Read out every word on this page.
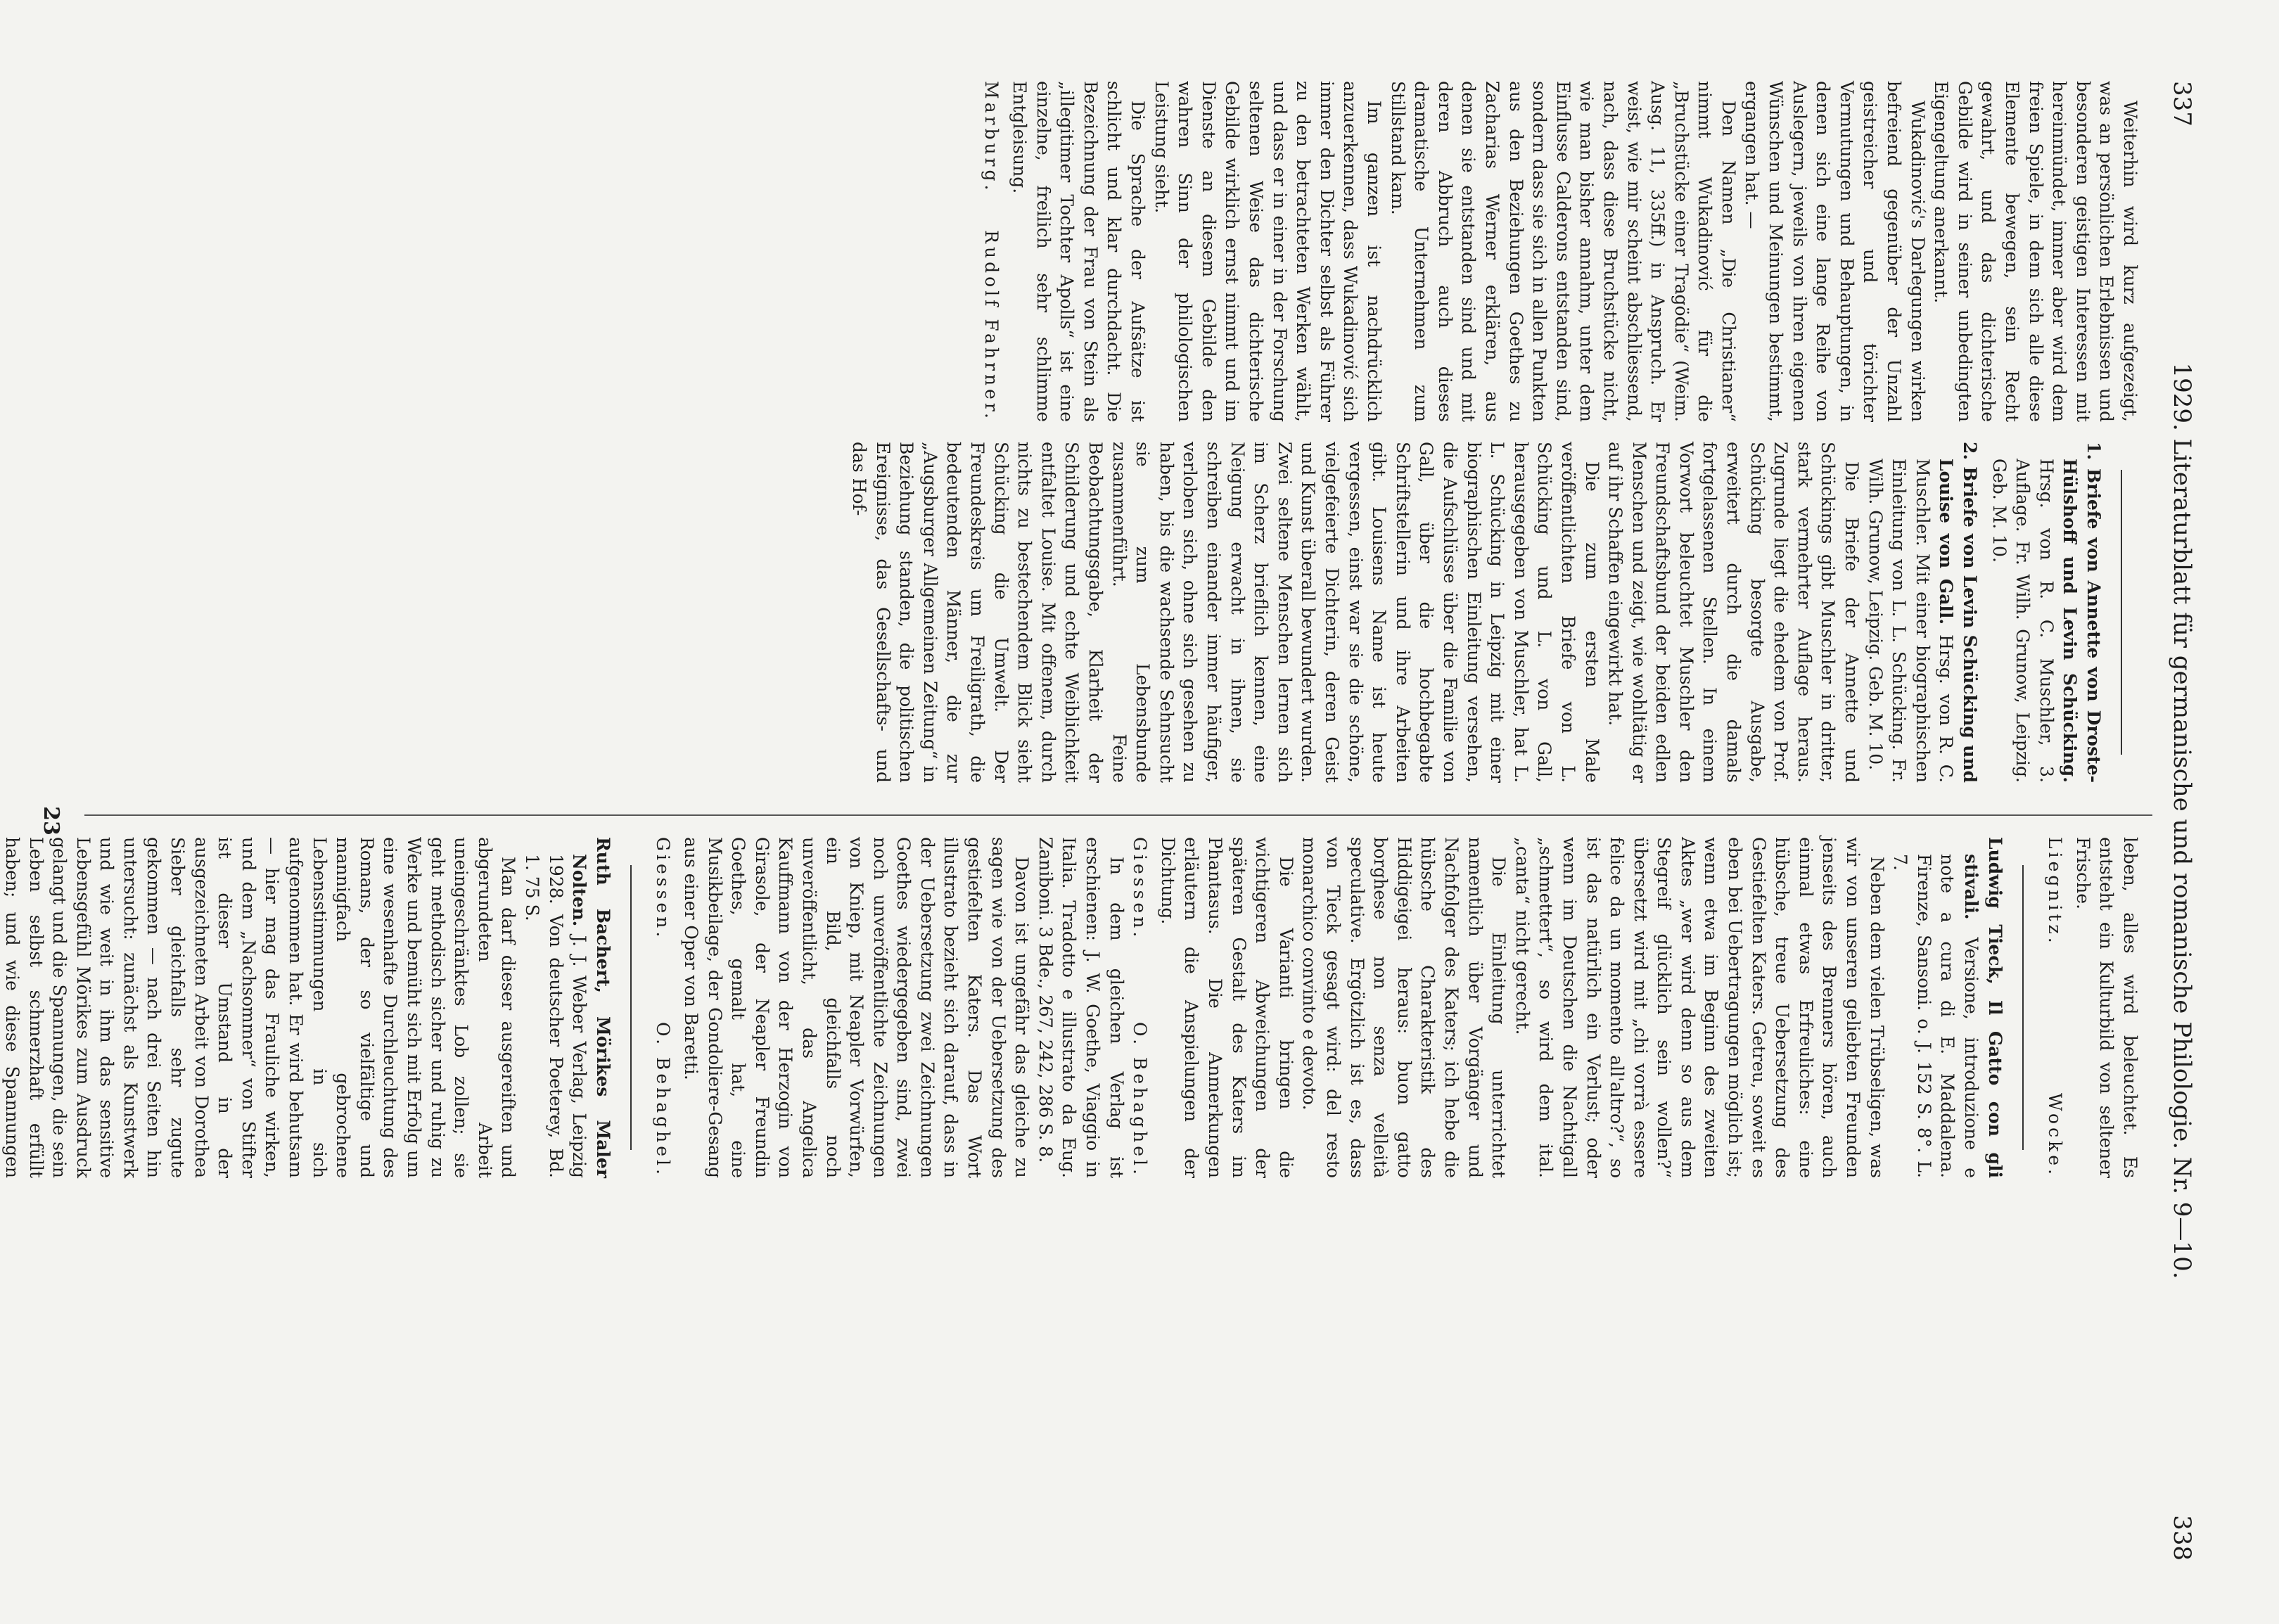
337
1929. Literaturblatt für germanische und romanische Philologie. Nr. 9—10.
338

Weiterhin wird kurz aufgezeigt, was an persönlichen Erlebnissen und besonderen geistigen Interessen mit hereinmündet, immer aber wird dem freien Spiele, in dem sich alle diese Elemente bewegen, sein Recht gewahrt, und das dichterische Gebilde wird in seiner unbedingten Eigengeltung anerkannt.

Wukadinović's Darlegungen wirken befreiend gegenüber der Unzahl geistreicher und törichter Vermutungen und Behauptungen, in denen sich eine lange Reihe von Auslegern, jeweils von ihren eigenen Wünschen und Meinungen bestimmt, ergangen hat. —

Den Namen „Die Christianer“ nimmt Wukadinović für die „Bruchstücke einer Tragödie“ (Weim. Ausg. 11, 335ff.) in Anspruch. Er weist, wie mir scheint abschliessend, nach, dass diese Bruchstücke nicht, wie man bisher annahm, unter dem Einflusse Calderons entstanden sind, sondern dass sie sich in allen Punkten aus den Beziehungen Goethes zu Zacharias Werner erklären, aus denen sie entstanden sind und mit deren Abbruch auch dieses dramatische Unternehmen zum Stillstand kam.

Im ganzen ist nachdrücklich anzuerkennen, dass Wukadinović sich immer den Dichter selbst als Führer zu den betrachteten Werken wählt, und dass er in einer in der Forschung seltenen Weise das dichterische Gebilde wirklich ernst nimmt und im Dienste an diesem Gebilde den wahren Sinn der philologischen Leistung sieht.

Die Sprache der Aufsätze ist schlicht und klar durchdacht. Die Bezeichnung der Frau von Stein als „illegitimer Tochter Apolls“ ist eine einzelne, freilich sehr schlimme Entgleisung.

Marburg.
Rudolf Fahrner.

1. Briefe von Annette von Droste-Hülshoff und Levin Schücking. Hrsg. von R. C. Muschler, 3. Auflage. Fr. Wilh. Grunow, Leipzig. Geb. M. 10.

2. Briefe von Levin Schücking und Louise von Gall. Hrsg. von R. C. Muschler. Mit einer biographischen Einleitung von L. L. Schücking. Fr. Wilh. Grunow, Leipzig. Geb. M. 10.

Die Briefe der Annette und Schückings gibt Muschler in dritter, stark vermehrter Auflage heraus. Zugrunde liegt die ehedem von Prof. Schücking besorgte Ausgabe, erweitert durch die damals fortgelassenen Stellen. In einem Vorwort beleuchtet Muschler den Freundschaftsbund der beiden edlen Menschen und zeigt, wie wohltätig er auf ihr Schaffen eingewirkt hat.

Die zum ersten Male veröffentlichten Briefe von L. Schücking und L. von Gall, herausgegeben von Muschler, hat L. L. Schücking in Leipzig mit einer biographischen Einleitung versehen, die Aufschlüsse über die Familie von Gall, über die hochbegabte Schriftstellerin und ihre Arbeiten gibt. Louisens Name ist heute vergessen, einst war sie die schöne, vielgefeierte Dichterin, deren Geist und Kunst überall bewundert wurden. Zwei seltene Menschen lernen sich im Scherz brieflich kennen, eine Neigung erwacht in ihnen, sie schreiben einander immer häufiger, verloben sich, ohne sich gesehen zu haben, bis die wachsende Sehnsucht sie zum Lebensbunde zusammenführt. Feine Beobachtungsgabe, Klarheit der Schilderung und echte Weiblichkeit entfaltet Louise. Mit offenem, durch nichts zu bestechendem Blick sieht Schücking die Umwelt. Der Freundeskreis um Freiligrath, die bedeutenden Männer, die zur „Augsburger Allgemeinen Zeitung“ in Beziehung standen, die politischen Ereignisse, das Gesellschafts- und das Hof-

leben, alles wird beleuchtet. Es entsteht ein Kulturbild von seltener Frische.

Liegnitz.
Wocke.

Ludwig Tieck, Il Gatto con gli stivali. Versione, introduzione e note a cura di E. Maddalena. Firenze, Sansoni. o. J. 152 S. 8°. L. 7.

Neben dem vielen Trübseligen, was wir von unseren geliebten Freunden jenseits des Brenners hören, auch einmal etwas Erfreuliches: eine hübsche, treue Uebersetzung des Gestiefelten Katers. Getreu, soweit es eben bei Uebertragungen möglich ist; wenn etwa im Beginn des zweiten Aktes „wer wird denn so aus dem Stegreif glücklich sein wollen?“ übersetzt wird mit „chi vorrà essere felice da un momento all'altro?“, so ist das natürlich ein Verlust; oder wenn im Deutschen die Nachtigall „schmettert“, so wird dem ital. „canta“ nicht gerecht.

Die Einleitung unterrichtet namentlich über Vorgänger und Nachfolger des Katers; ich hebe die hübsche Charakteristik des Hiddigeigei heraus: buon gatto borghese non senza velleità speculative. Ergötzlich ist es, dass von Tieck gesagt wird: del resto monarchico convinto e devoto.

Die Varianti bringen die wichtigeren Abweichungen der späteren Gestalt des Katers im Phantasus. Die Anmerkungen erläutern die Anspielungen der Dichtung.

Giessen.
O. Behaghel.

In dem gleichen Verlag ist erschienen: J. W. Goethe, Viaggio in Italia. Tradotto e illustrato da Eug. Zaniboni. 3 Bde., 267, 242, 286 S. 8.

Davon ist ungefähr das gleiche zu sagen wie von der Uebersetzung des gestiefelten Katers. Das Wort illustrato bezieht sich darauf, dass in der Uebersetzung zwei Zeichnungen Goethes wiedergegeben sind, zwei noch unveröffentlichte Zeichnungen von Kniep, mit Neapler Vorwürfen, ein Bild, gleichfalls noch unveröffentlicht, das Angelica Kauffmann von der Herzogin von Girasole, der Neapler Freundin Goethes, gemalt hat, eine Musikbeilage, der Gondoliere-Gesang aus einer Oper von Baretti.

Giessen.
O. Behaghel.

Ruth Bachert, Mörikes Maler Nolten. J. J. Weber Verlag, Leipzig 1928. Von deutscher Poeterey, Bd. 1. 75 S.

Man darf dieser ausgereiften und abgerundeten Arbeit uneingeschränktes Lob zollen; sie geht methodisch sicher und ruhig zu Werke und bemüht sich mit Erfolg um eine wesenhafte Durchleuchtung des Romans, der so vielfältige und mannigfach gebrochene Lebensstimmungen in sich aufgenommen hat. Er wird behutsam — hier mag das Frauliche wirken, und dem „Nachsommer“ von Stifter ist dieser Umstand in der ausgezeichneten Arbeit von Dorothea Sieber gleichfalls sehr zugute gekommen — nach drei Seiten hin untersucht: zunächst als Kunstwerk und wie weit in ihm das sensitive Lebensgefühl Mörikes zum Ausdruck gelangt und die Spannungen, die sein Leben selbst schmerzhaft erfüllt haben; und wie diese Spannungen

23
